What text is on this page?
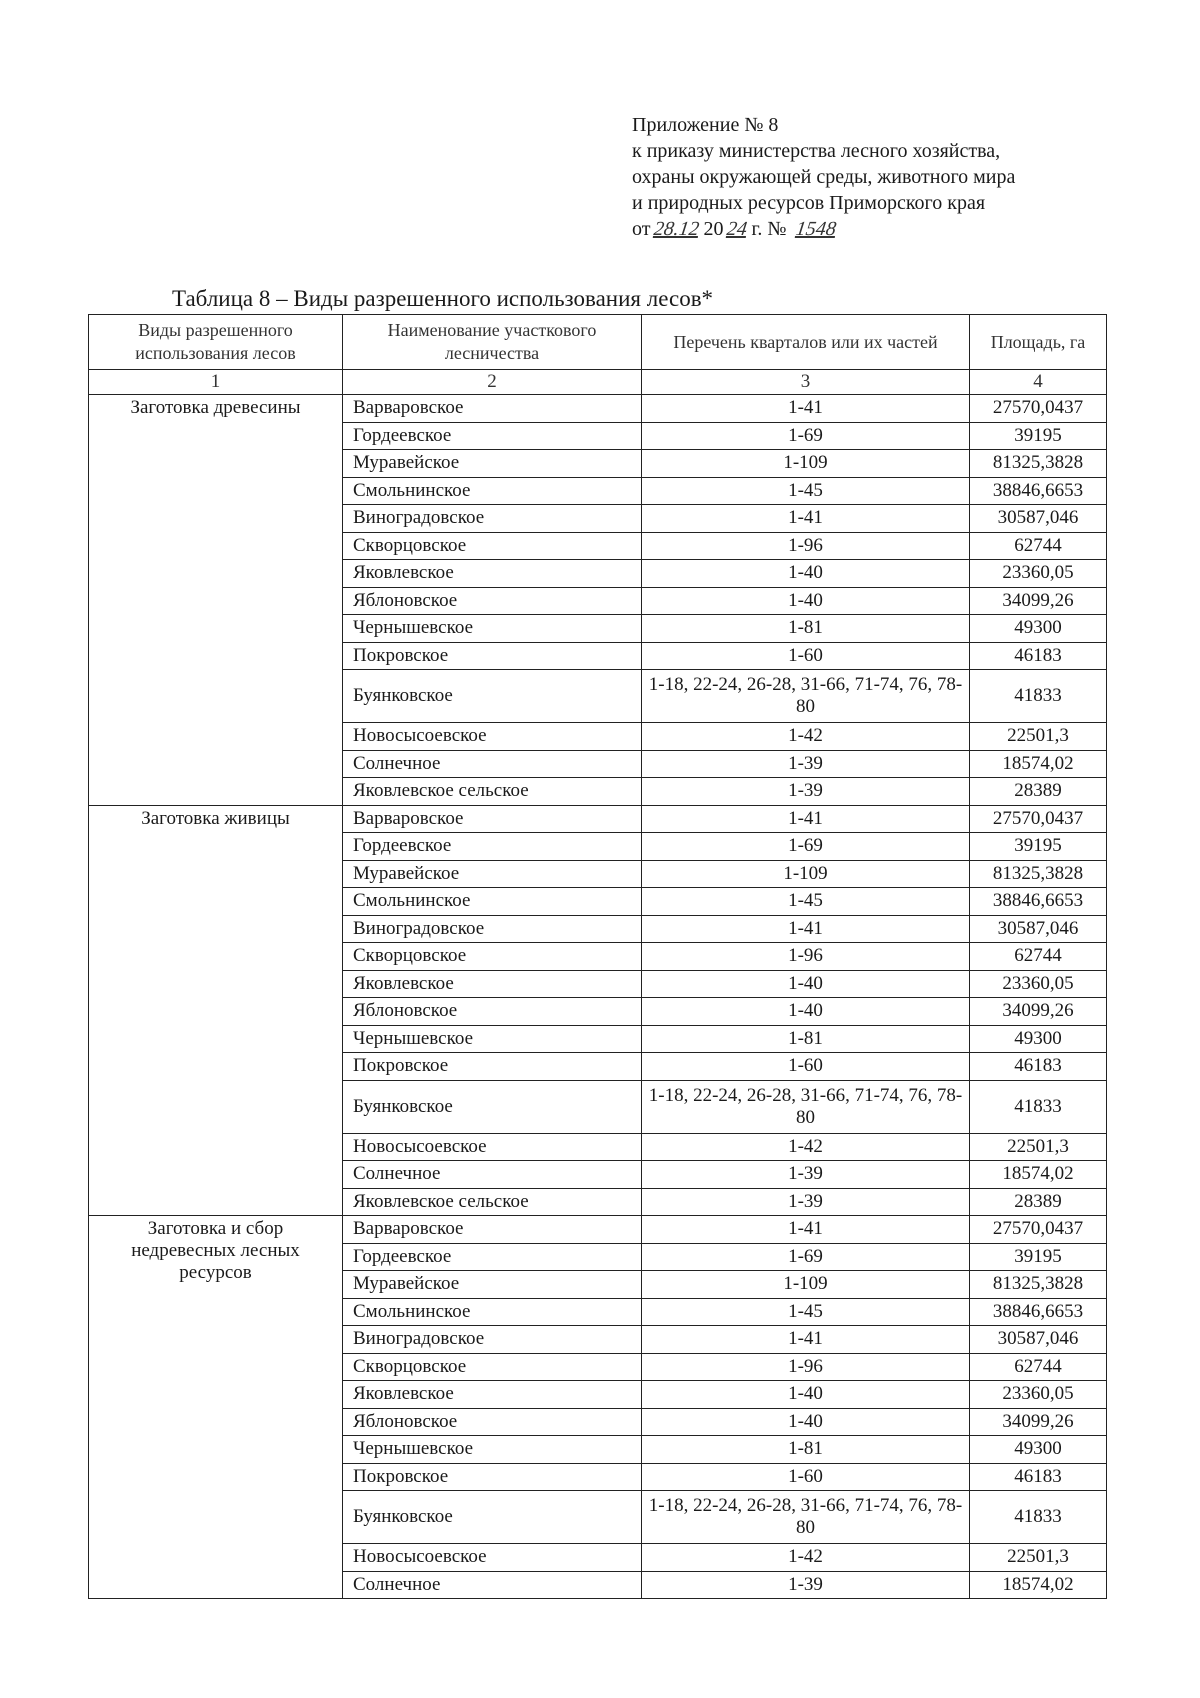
Приложение № 8
к приказу министерства лесного хозяйства,
охраны окружающей среды, животного мира
и природных ресурсов Приморского края
от 28.12 20 24 г. № 1548
Таблица 8 – Виды разрешенного использования лесов*
Виды разрешенного использования лесов	Наименование участкового лесничества	Перечень кварталов или их частей	Площадь, га
1	2	3	4
Заготовка древесины	Варваровское	1-41	27570,0437
	Гордеевское	1-69	39195
	Муравейское	1-109	81325,3828
	Смольнинское	1-45	38846,6653
	Виноградовское	1-41	30587,046
	Скворцовское	1-96	62744
	Яковлевское	1-40	23360,05
	Яблоновское	1-40	34099,26
	Чернышевское	1-81	49300
	Покровское	1-60	46183
	Буянковское	1-18, 22-24, 26-28, 31-66, 71-74, 76, 78-80	41833
	Новосысоевское	1-42	22501,3
	Солнечное	1-39	18574,02
	Яковлевское сельское	1-39	28389
Заготовка живицы	Варваровское	1-41	27570,0437
	Гордеевское	1-69	39195
	Муравейское	1-109	81325,3828
	Смольнинское	1-45	38846,6653
	Виноградовское	1-41	30587,046
	Скворцовское	1-96	62744
	Яковлевское	1-40	23360,05
	Яблоновское	1-40	34099,26
	Чернышевское	1-81	49300
	Покровское	1-60	46183
	Буянковское	1-18, 22-24, 26-28, 31-66, 71-74, 76, 78-80	41833
	Новосысоевское	1-42	22501,3
	Солнечное	1-39	18574,02
	Яковлевское сельское	1-39	28389
Заготовка и сбор недревесных лесных ресурсов	Варваровское	1-41	27570,0437
	Гордеевское	1-69	39195
	Муравейское	1-109	81325,3828
	Смольнинское	1-45	38846,6653
	Виноградовское	1-41	30587,046
	Скворцовское	1-96	62744
	Яковлевское	1-40	23360,05
	Яблоновское	1-40	34099,26
	Чернышевское	1-81	49300
	Покровское	1-60	46183
	Буянковское	1-18, 22-24, 26-28, 31-66, 71-74, 76, 78-80	41833
	Новосысоевское	1-42	22501,3
	Солнечное	1-39	18574,02
